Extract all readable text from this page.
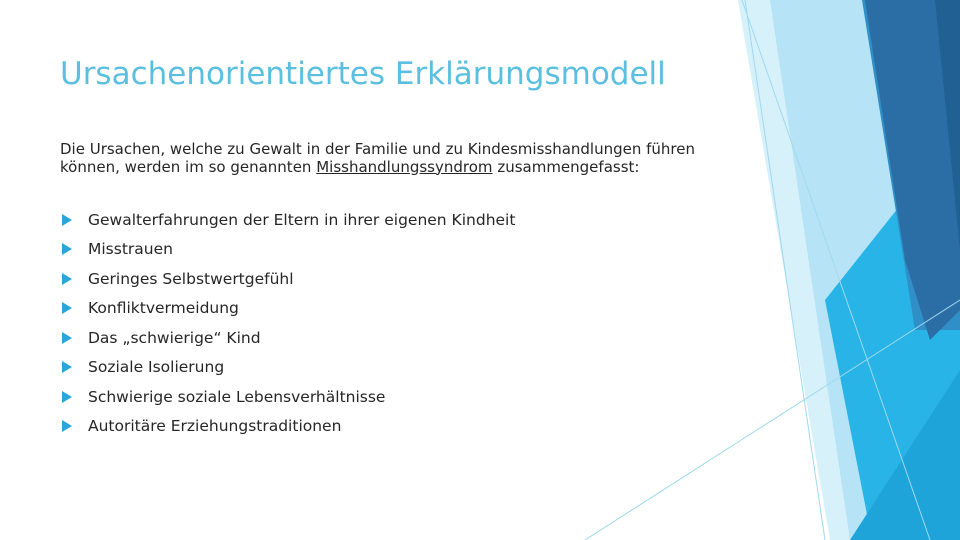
Ursachenorientiertes Erklärungsmodell

Die Ursachen, welche zu Gewalt in der Familie und zu Kindesmisshandlungen führen können, werden im so genannten Misshandlungssyndrom zusammengefasst:

Gewalterfahrungen der Eltern in ihrer eigenen Kindheit
Misstrauen
Geringes Selbstwertgefühl
Konfliktvermeidung
Das „schwierige“ Kind
Soziale Isolierung
Schwierige soziale Lebensverhältnisse
Autoritäre Erziehungstraditionen
